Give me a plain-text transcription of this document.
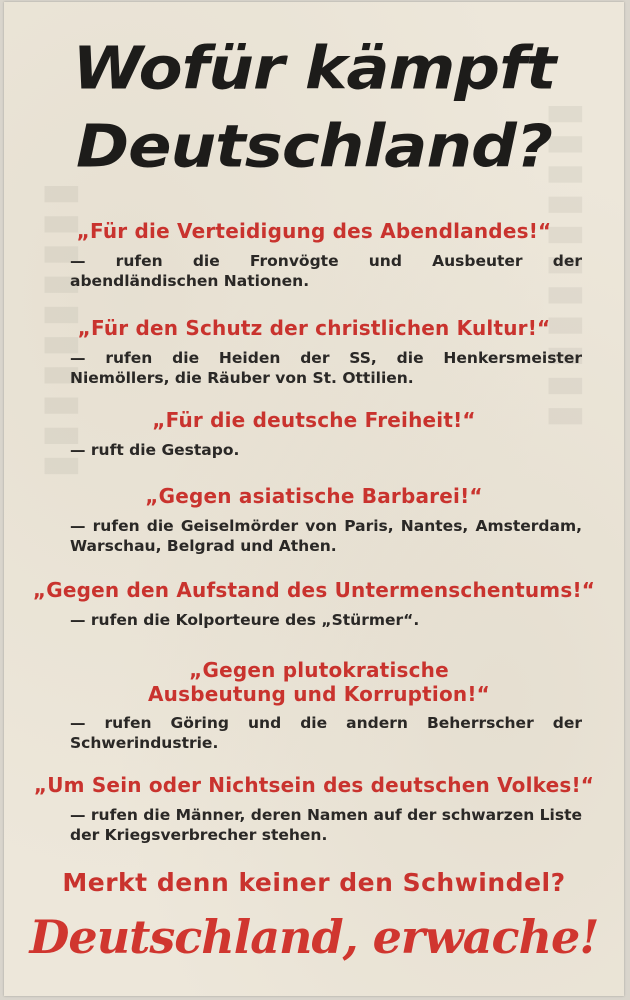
▮▮▮▮▮▮▮▮▮▮	▮▮▮▮▮▮▮▮▮▮▮
Wofür kämpft
Deutschland?
„Für die Verteidigung des Abendlandes!“
— rufen die Fronvögte und Ausbeuter der abendländischen Nationen.
„Für den Schutz der christlichen Kultur!“
— rufen die Heiden der SS, die Henkersmeister Niemöllers, die Räuber von St. Ottilien.
„Für die deutsche Freiheit!“
— ruft die Gestapo.
„Gegen asiatische Barbarei!“
— rufen die Geiselmörder von Paris, Nantes, Amsterdam, Warschau, Belgrad und Athen.
„Gegen den Aufstand des Untermenschentums!“
— rufen die Kolporteure des „Stürmer“.
„Gegen plutokratische Ausbeutung und Korruption!“
— rufen Göring und die andern Beherrscher der Schwerindustrie.
„Um Sein oder Nichtsein des deutschen Volkes!“
— rufen die Männer, deren Namen auf der schwarzen Liste der Kriegsverbrecher stehen.
Merkt denn keiner den Schwindel?
Deutschland, erwache!
